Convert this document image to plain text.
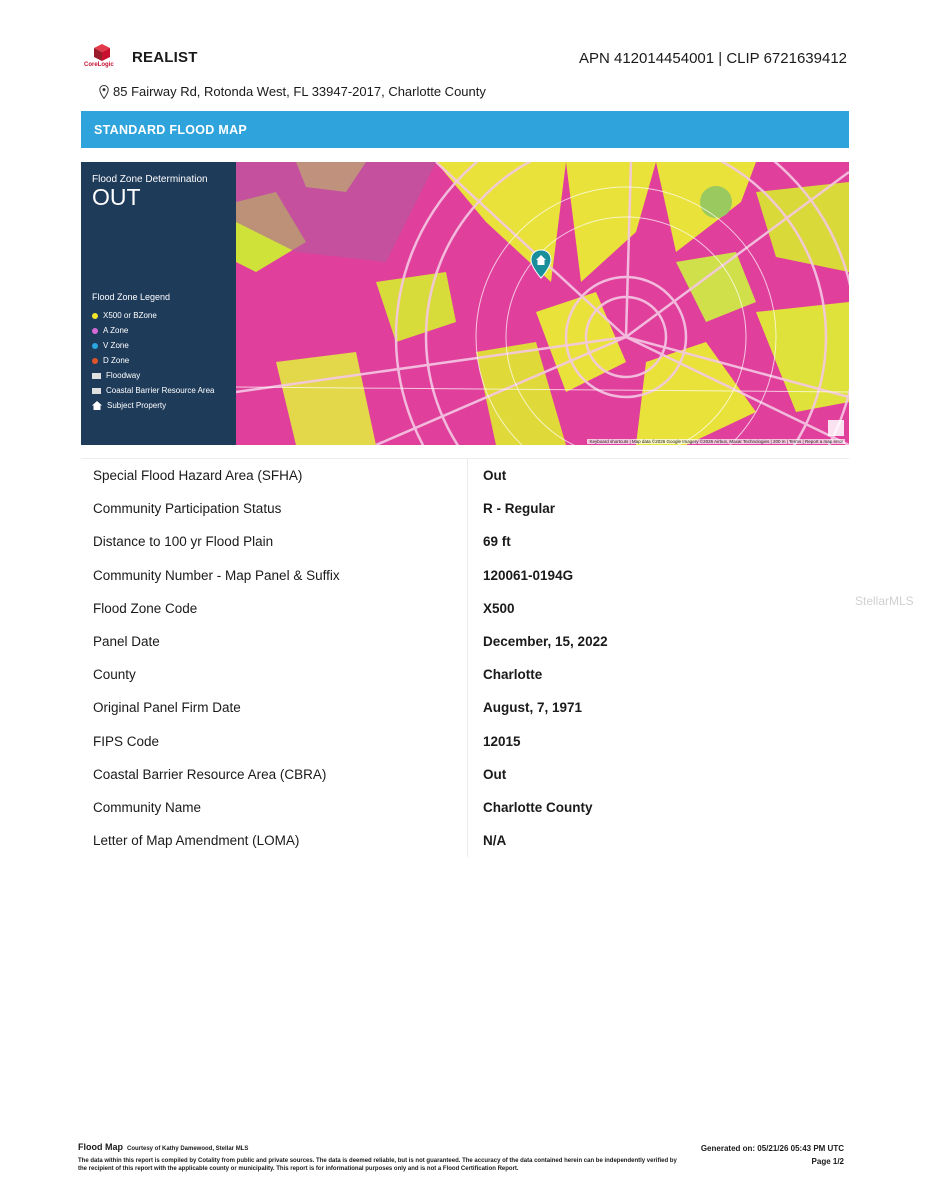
CoreLogic REALIST	APN 412014454001 | CLIP 6721639412
85 Fairway Rd, Rotonda West, FL 33947-2017, Charlotte County
STANDARD FLOOD MAP
Flood Zone Determination
OUT
Flood Zone Legend
X500 or BZone
A Zone
V Zone
D Zone
Floodway
Coastal Barrier Resource Area
Subject Property
Keyboard shortcuts | Map data ©2026 Google Imagery ©2026 Airbus, Maxar Technologies | 200 m | Terms | Report a map error
Special Flood Hazard Area (SFHA)	Out
Community Participation Status	R - Regular
Distance to 100 yr Flood Plain	69 ft
Community Number - Map Panel & Suffix	120061-0194G
Flood Zone Code	X500
Panel Date	December, 15, 2022
County	Charlotte
Original Panel Firm Date	August, 7, 1971
FIPS Code	12015
Coastal Barrier Resource Area (CBRA)	Out
Community Name	Charlotte County
Letter of Map Amendment (LOMA)	N/A
StellarMLS
Flood Map Courtesy of Kathy Damewood, Stellar MLS	Generated on: 05/21/26 05:43 PM UTC
Page 1/2
The data within this report is compiled by Cotality from public and private sources. The data is deemed reliable, but is not guaranteed. The accuracy of the data contained herein can be independently verified by the recipient of this report with the applicable county or municipality. This report is for informational purposes only and is not a Flood Certification Report.
